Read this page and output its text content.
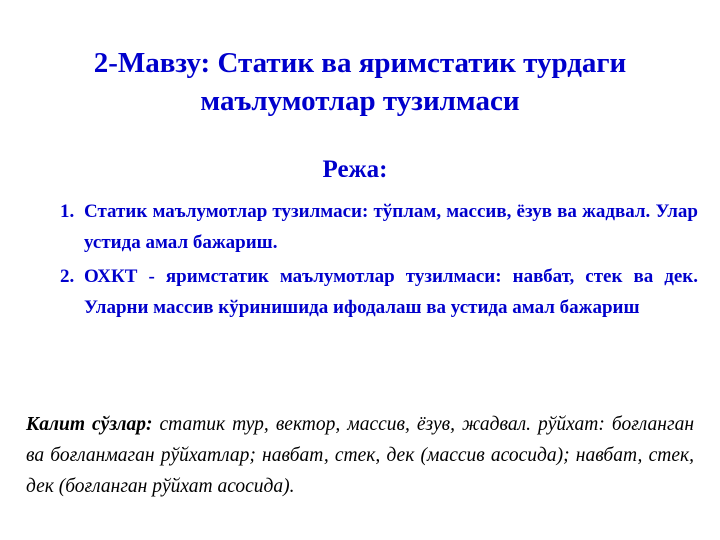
2-Мавзу: Статик ва яримстатик турдаги
маълумотлар тузилмаси
Режа:
1. Статик маълумотлар тузилмаси: тўплам, массив, ёзув ва жадвал. Улар устида амал бажариш.
2. ОХКТ - яримстатик маълумотлар тузилмаси: навбат, стек ва дек. Уларни массив кўринишида ифодалаш ва устида амал бажариш
Калит сўзлар: статик тур, вектор, массив, ёзув, жадвал. рўйхат: боғланган ва боғланмаган рўйхатлар; навбат, стек, дек (массив асосида); навбат, стек, дек (боғланган рўйхат асосида).
